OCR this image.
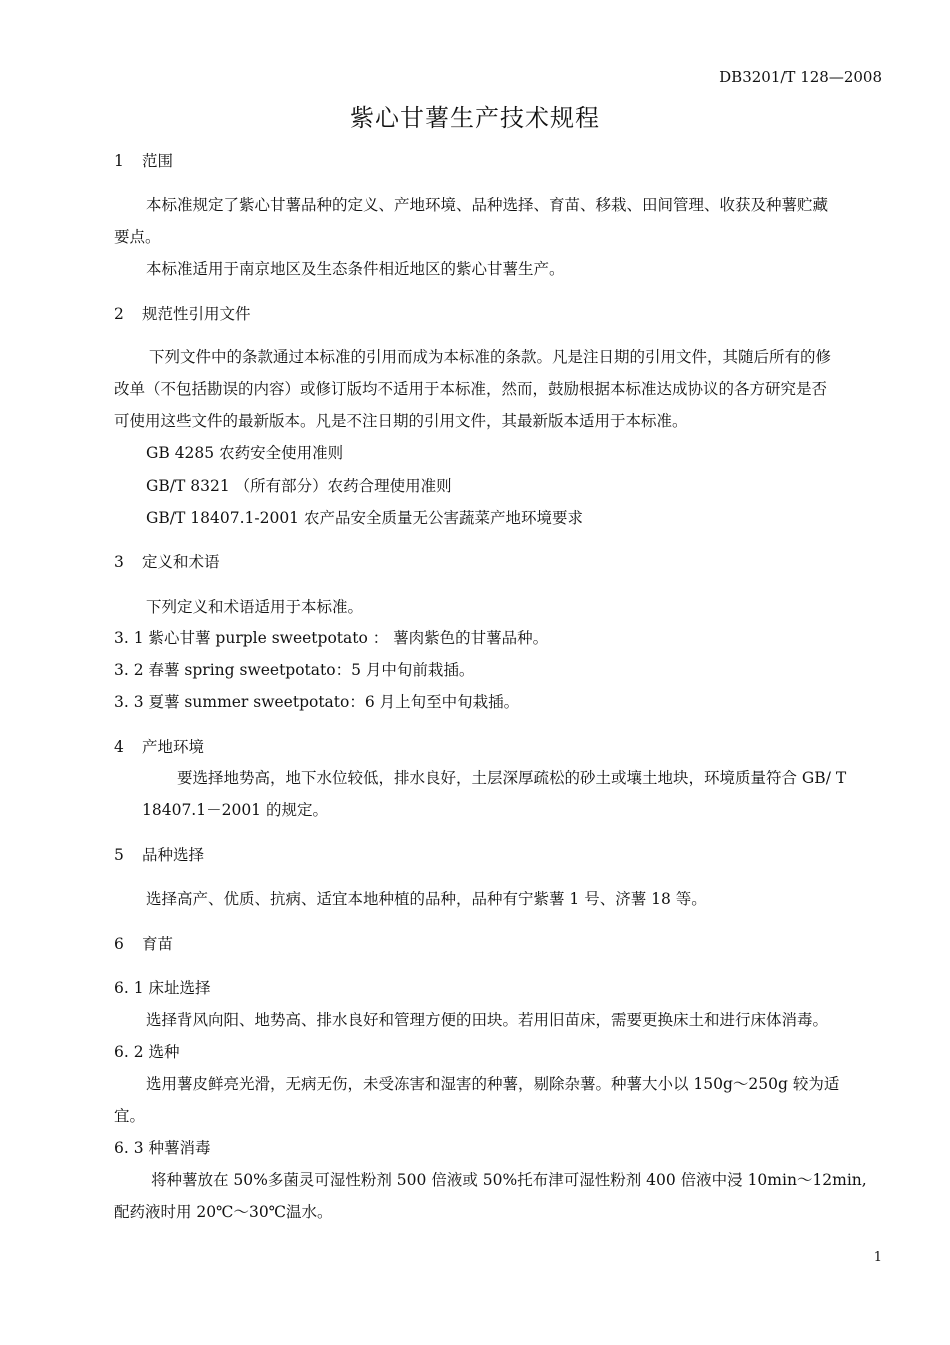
DB3201/T 128—2008
紫心甘薯生产技术规程
1 范围
本标准规定了紫心甘薯品种的定义、产地环境、品种选择、育苗、移栽、田间管理、收获及种薯贮藏
要点。
本标准适用于南京地区及生态条件相近地区的紫心甘薯生产。
2 规范性引用文件
下列文件中的条款通过本标准的引用而成为本标准的条款。凡是注日期的引用文件，其随后所有的修
改单（不包括勘误的内容）或修订版均不适用于本标准，然而，鼓励根据本标准达成协议的各方研究是否
可使用这些文件的最新版本。凡是不注日期的引用文件，其最新版本适用于本标准。
GB 4285 农药安全使用准则
GB/T 8321 （所有部分）农药合理使用准则
GB/T 18407.1-2001 农产品安全质量无公害蔬菜产地环境要求
3 定义和术语
下列定义和术语适用于本标准。
3. 1 紫心甘薯 purple sweetpotato ： 薯肉紫色的甘薯品种。
3. 2 春薯 spring sweetpotato：5 月中旬前栽插。
3. 3 夏薯 summer sweetpotato：6 月上旬至中旬栽插。
4 产地环境
要选择地势高，地下水位较低，排水良好，土层深厚疏松的砂土或壤土地块，环境质量符合 GB/ T
18407.1－2001 的规定。
5 品种选择
选择高产、优质、抗病、适宜本地种植的品种，品种有宁紫薯 1 号、济薯 18 等。
6 育苗
6. 1 床址选择
选择背风向阳、地势高、排水良好和管理方便的田块。若用旧苗床，需要更换床土和进行床体消毒。
6. 2 选种
选用薯皮鲜亮光滑，无病无伤，未受冻害和湿害的种薯，剔除杂薯。种薯大小以 150g～250g 较为适
宜。
6. 3 种薯消毒
将种薯放在 50%多菌灵可湿性粉剂 500 倍液或 50%托布津可湿性粉剂 400 倍液中浸 10min～12min,
配药液时用 20℃～30℃温水。
1
